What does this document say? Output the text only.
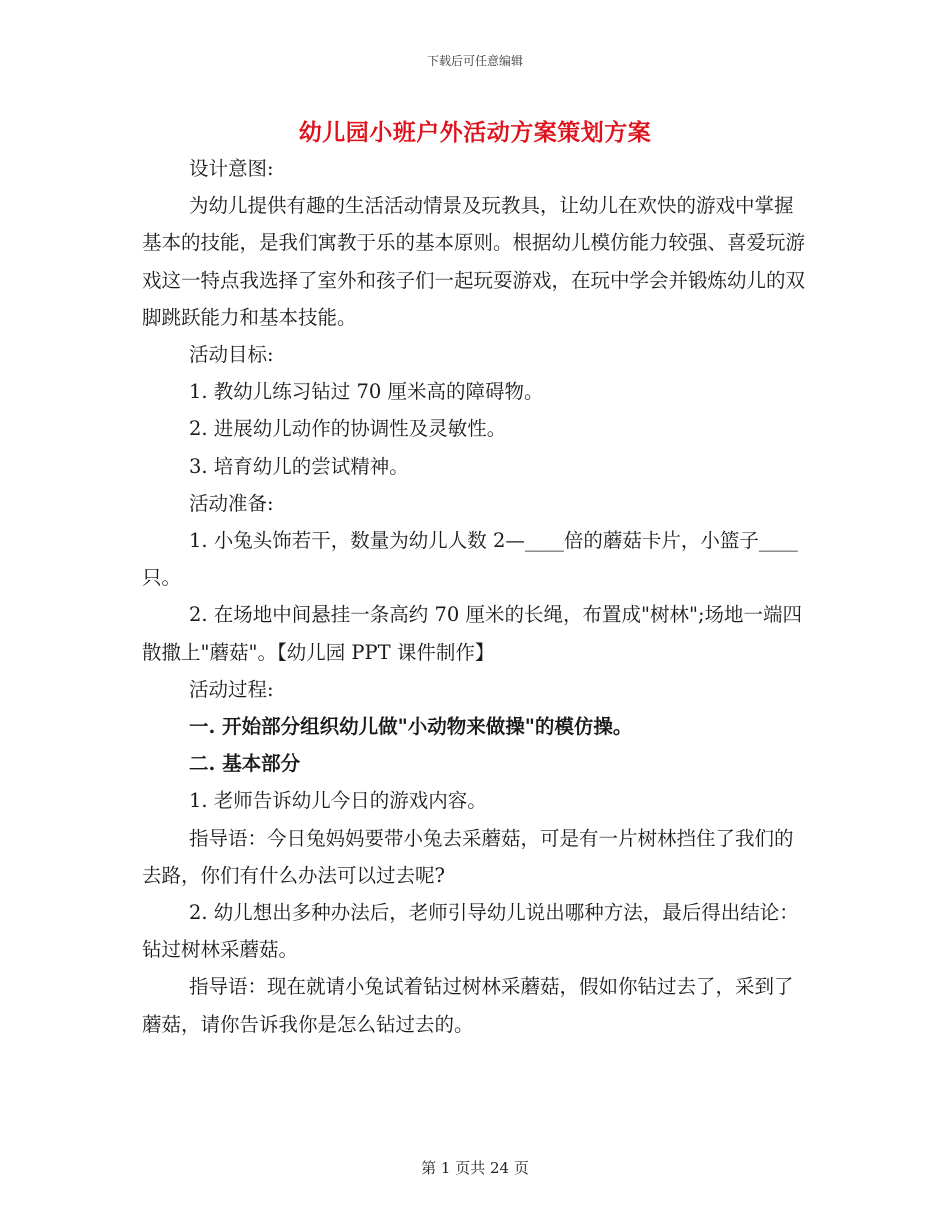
下载后可任意编辑
幼儿园小班户外活动方案策划方案

设计意图:

为幼儿提供有趣的生活活动情景及玩教具，让幼儿在欢快的游戏中掌握基本的技能，是我们寓教于乐的基本原则。根据幼儿模仿能力较强、喜爱玩游戏这一特点我选择了室外和孩子们一起玩耍游戏，在玩中学会并锻炼幼儿的双脚跳跃能力和基本技能。

活动目标:

1. 教幼儿练习钻过 70 厘米高的障碍物。

2. 进展幼儿动作的协调性及灵敏性。

3. 培育幼儿的尝试精神。

活动准备:

1. 小兔头饰若干，数量为幼儿人数 2—____倍的蘑菇卡片，小篮子____只。

2. 在场地中间悬挂一条高约 70 厘米的长绳，布置成"树林";场地一端四散撒上"蘑菇"。【幼儿园 PPT 课件制作】

活动过程:

一. 开始部分组织幼儿做"小动物来做操"的模仿操。

二. 基本部分

1. 老师告诉幼儿今日的游戏内容。

指导语：今日兔妈妈要带小兔去采蘑菇，可是有一片树林挡住了我们的去路，你们有什么办法可以过去呢?

2. 幼儿想出多种办法后，老师引导幼儿说出哪种方法，最后得出结论：钻过树林采蘑菇。

指导语：现在就请小兔试着钻过树林采蘑菇，假如你钻过去了，采到了蘑菇，请你告诉我你是怎么钻过去的。

第 1 页共 24 页
